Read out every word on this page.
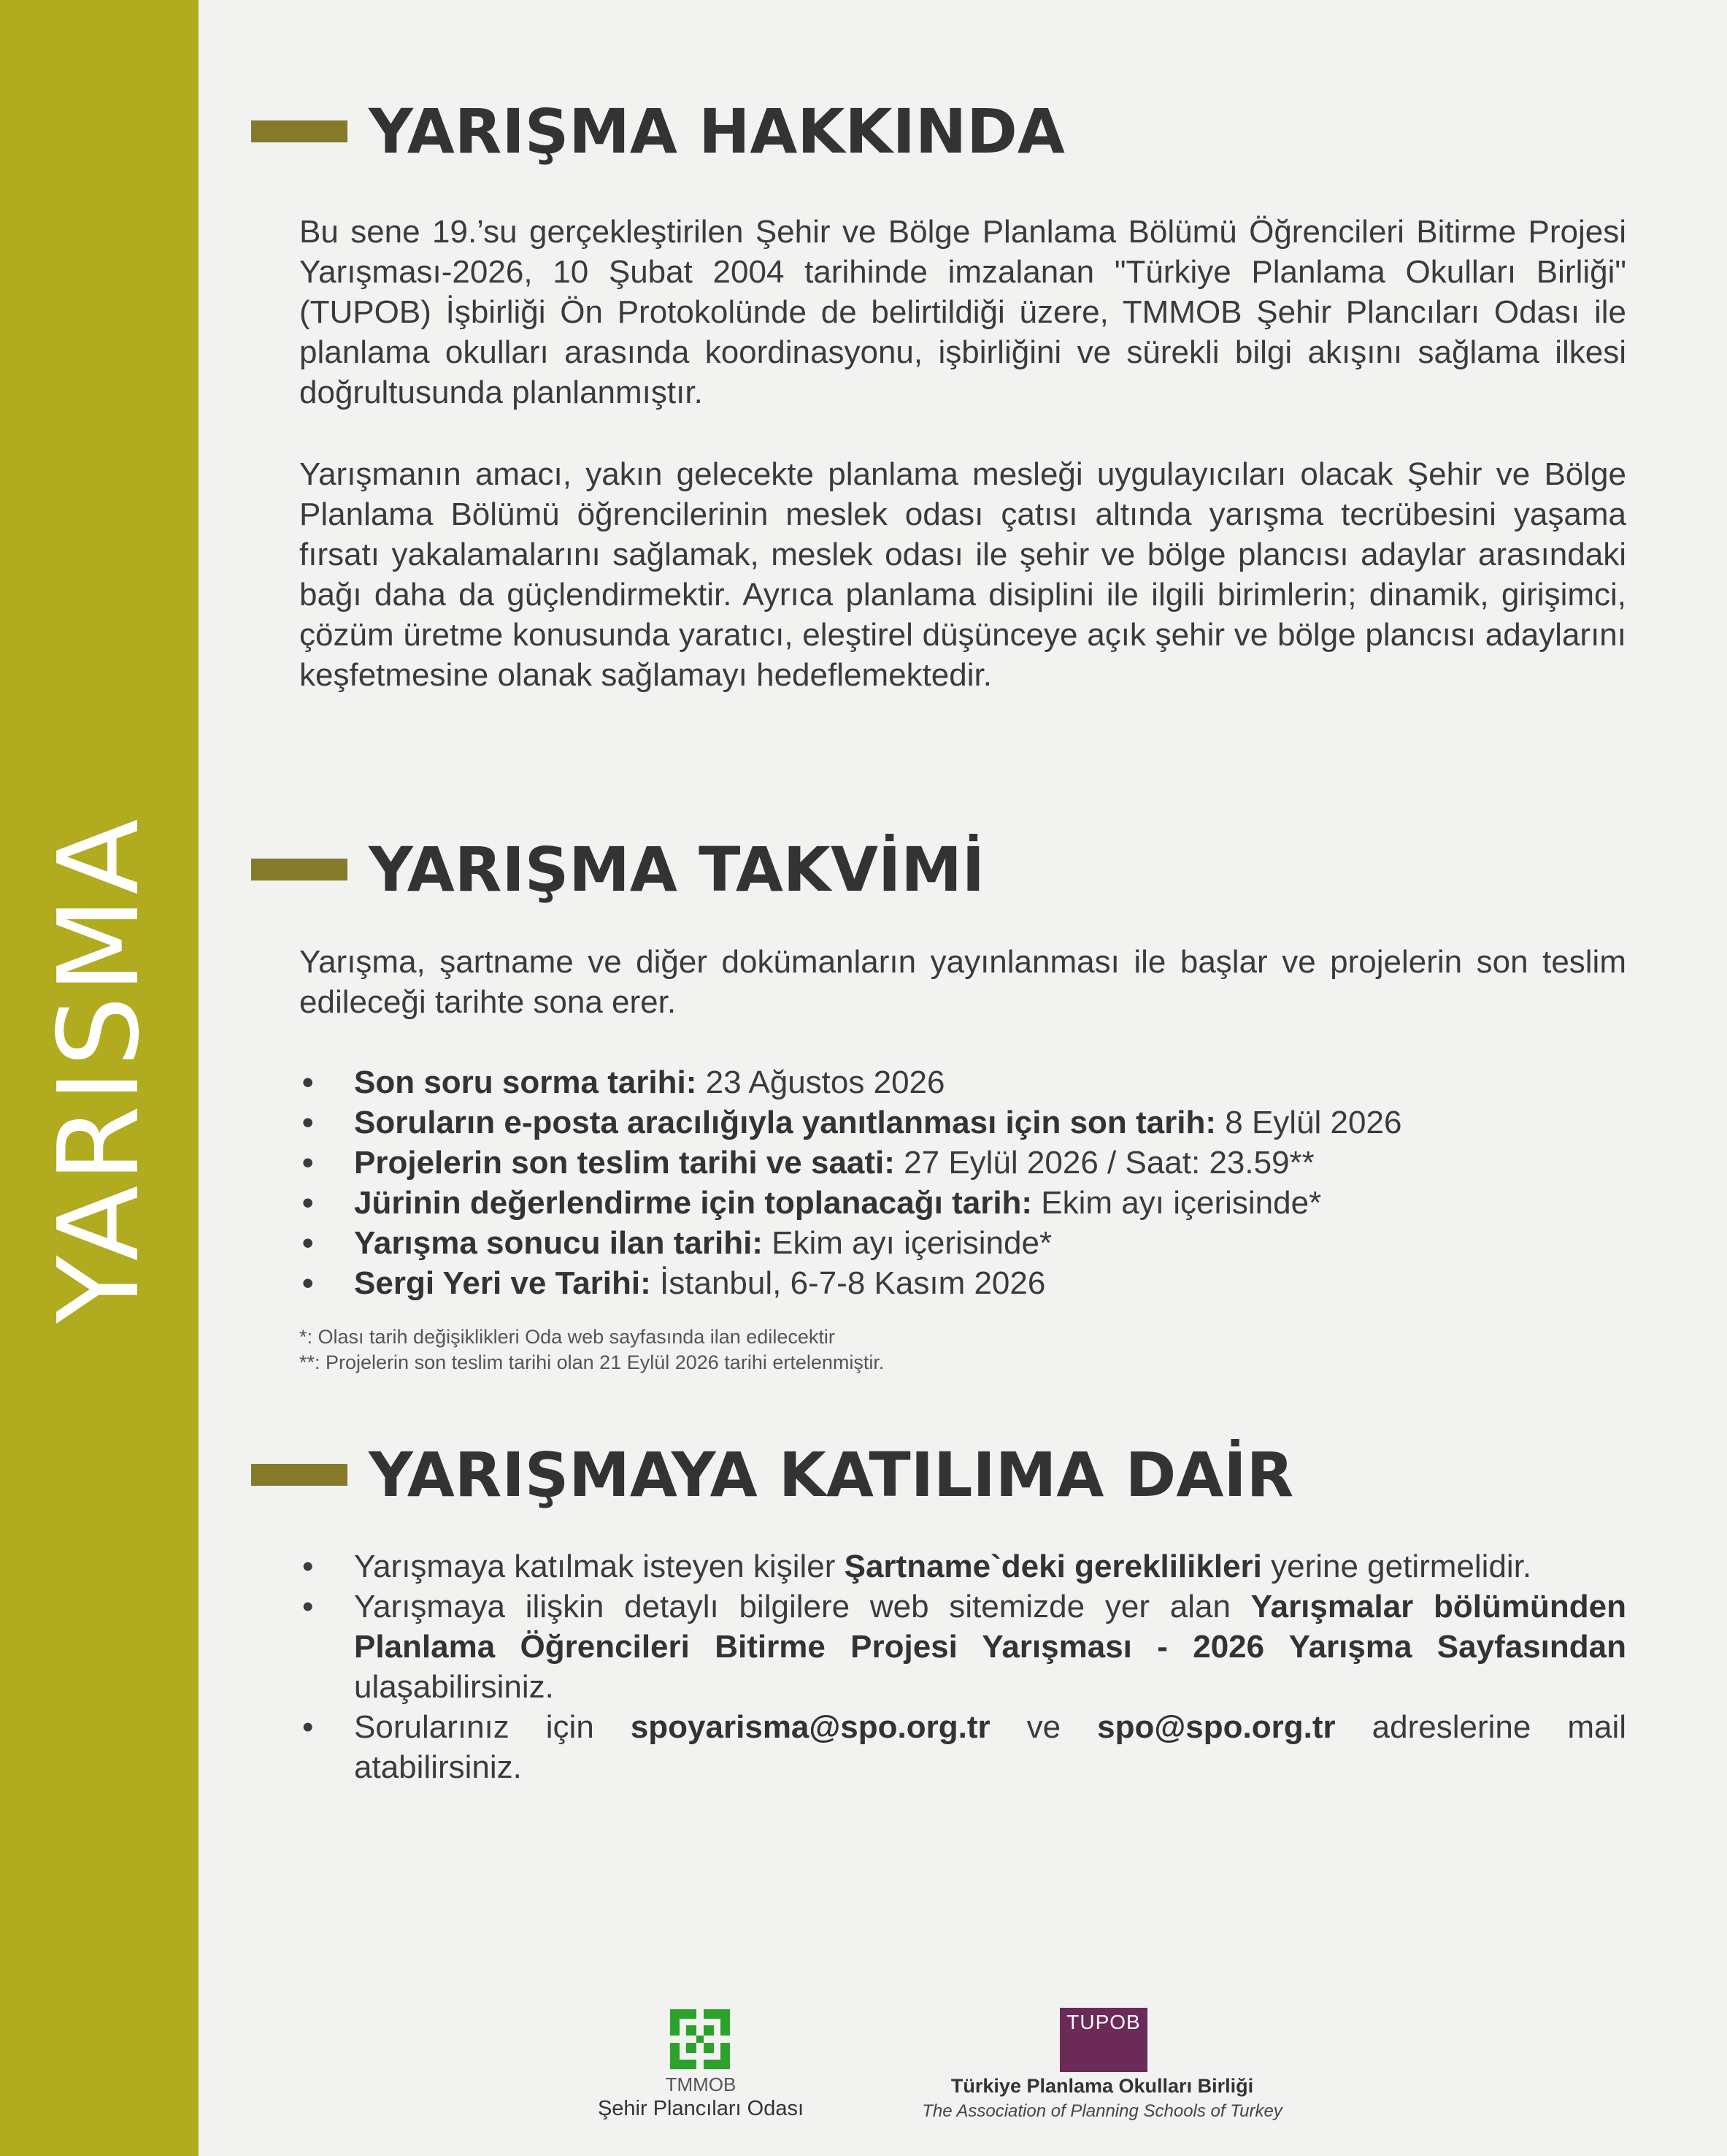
YARISMA
YARIŞMA HAKKINDA

Bu sene 19.’su gerçekleştirilen Şehir ve Bölge Planlama Bölümü Öğrencileri Bitirme Projesi Yarışması-2026, 10 Şubat 2004 tarihinde imzalanan "Türkiye Planlama Okulları Birliği" (TUPOB) İşbirliği Ön Protokolünde de belirtildiği üzere, TMMOB Şehir Plancıları Odası ile planlama okulları arasında koordinasyonu, işbirliğini ve sürekli bilgi akışını sağlama ilkesi doğrultusunda planlanmıştır.

Yarışmanın amacı, yakın gelecekte planlama mesleği uygulayıcıları olacak Şehir ve Bölge Planlama Bölümü öğrencilerinin meslek odası çatısı altında yarışma tecrübesini yaşama fırsatı yakalamalarını sağlamak, meslek odası ile şehir ve bölge plancısı adaylar arasındaki bağı daha da güçlendirmektir. Ayrıca planlama disiplini ile ilgili birimlerin; dinamik, girişimci, çözüm üretme konusunda yaratıcı, eleştirel düşünceye açık şehir ve bölge plancısı adaylarını keşfetmesine olanak sağlamayı hedeflemektedir.

YARIŞMA TAKVİMİ

Yarışma, şartname ve diğer dokümanların yayınlanması ile başlar ve projelerin son teslim edileceği tarihte sona erer.

• Son soru sorma tarihi: 23 Ağustos 2026
• Soruların e-posta aracılığıyla yanıtlanması için son tarih: 8 Eylül 2026
• Projelerin son teslim tarihi ve saati: 27 Eylül 2026 / Saat: 23.59**
• Jürinin değerlendirme için toplanacağı tarih: Ekim ayı içerisinde*
• Yarışma sonucu ilan tarihi: Ekim ayı içerisinde*
• Sergi Yeri ve Tarihi: İstanbul, 6-7-8 Kasım 2026

*: Olası tarih değişiklikleri Oda web sayfasında ilan edilecektir

**: Projelerin son teslim tarihi olan 21 Eylül 2026 tarihi ertelenmiştir.

YARIŞMAYA KATILIMA DAİR
• Yarışmaya katılmak isteyen kişiler Şartname`deki gereklilikleri yerine getirmelidir.
• Yarışmaya ilişkin detaylı bilgilere web sitemizde yer alan Yarışmalar bölümünden Planlama Öğrencileri Bitirme Projesi Yarışması - 2026 Yarışma Sayfasından ulaşabilirsiniz.
• Sorularınız için spoyarisma@spo.org.tr ve spo@spo.org.tr adreslerine mail atabilirsiniz.
TMMOB
Şehir Plancıları Odası
TUPOB
Türkiye Planlama Okulları Birliği
The Association of Planning Schools of Turkey
